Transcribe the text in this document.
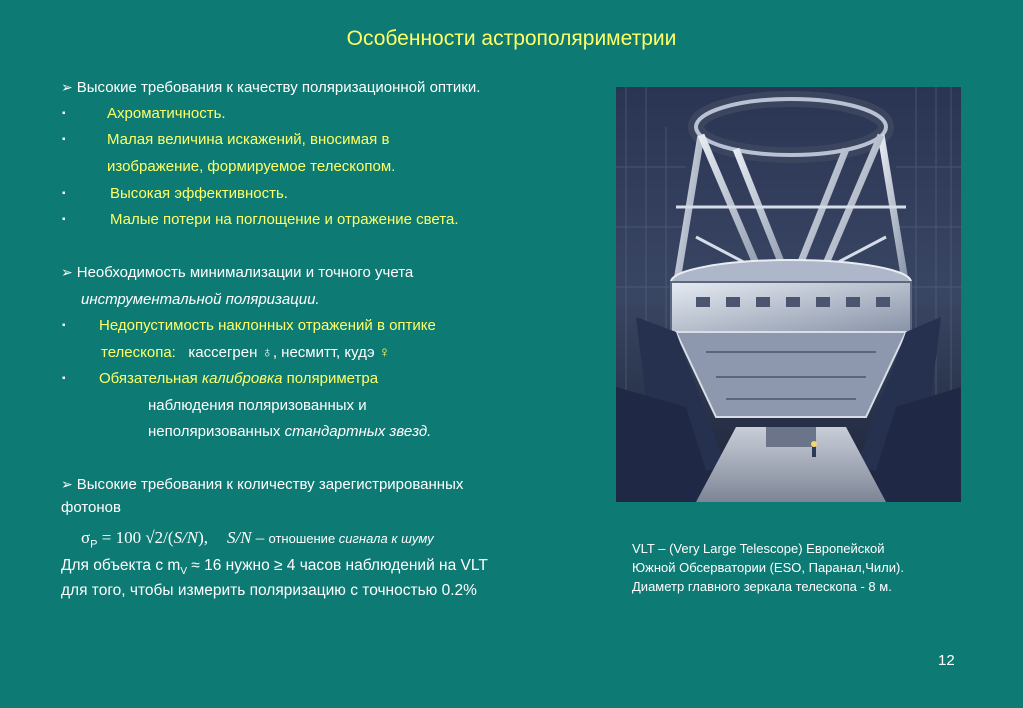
Особенности астрополяриметрии
➢ Высокие требования к качеству поляризационной оптики.
▪	Ахроматичность.
▪	Малая величина искажений, вносимая в
изображение, формируемое телескопом.
▪	Высокая эффективность.
▪	Малые потери на поглощение и отражение света.
➢ Необходимость минимализации и точного учета
инструментальной поляризации.
▪ Недопустимость наклонных отражений в оптике
телескопа: кассегрен ♁, несмитт, кудэ ♀
▪ Обязательная калибровка поляриметра
наблюдения поляризованных и
неполяризованных стандартных звезд.
➢ Высокие требования к количеству зарегистрированных
фотонов
$\sigma_P = 100$ √2/(S/N), S/N – отношение сигнала к шуму
Для объекта с $m_V \approx 16$ нужно ≥ 4 часов наблюдений на VLT
для того, чтобы измерить поляризацию с точностью 0.2%
VLT – (Very Large Telescope) Европейской
Южной Обсерватории (ESO, Паранал,Чили).
Диаметр главного зеркала телескопа - 8 м.
12
